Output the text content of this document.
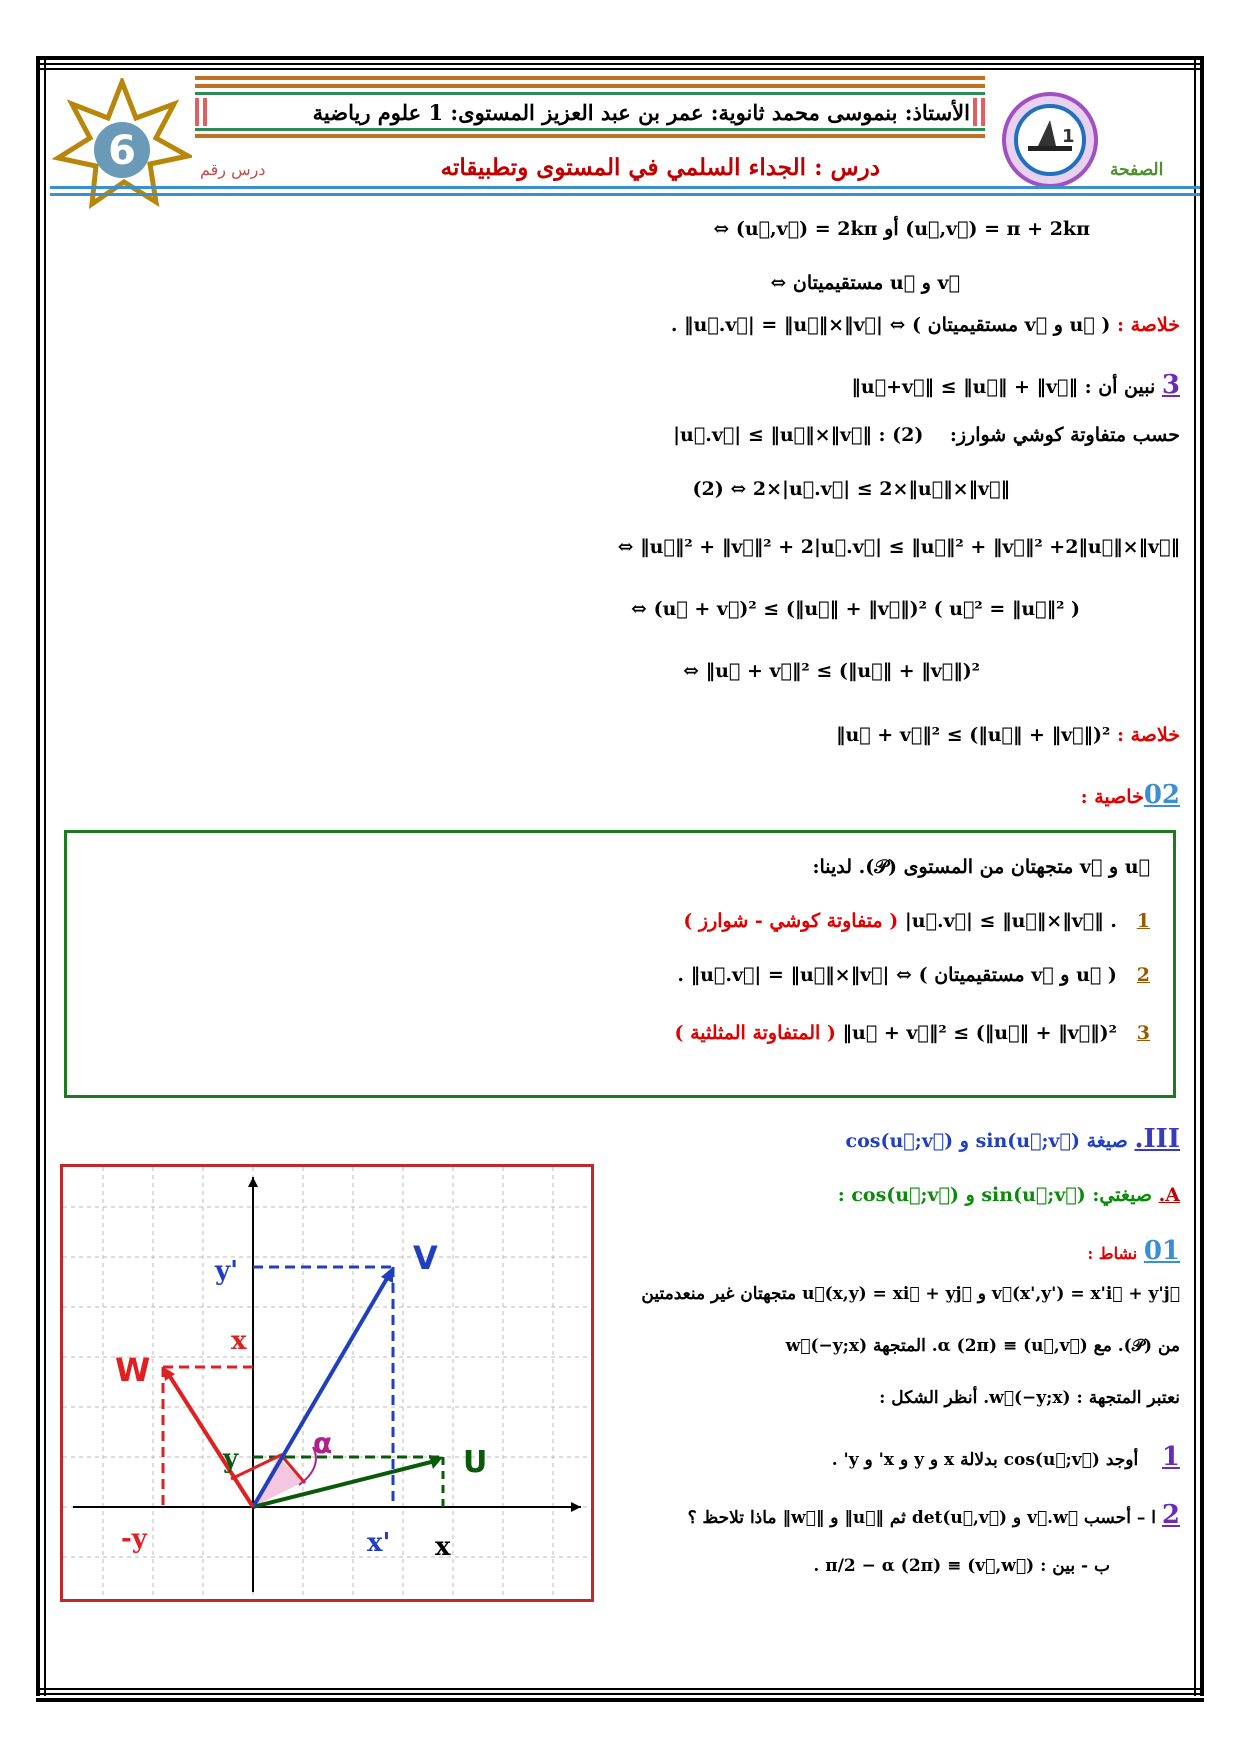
6	1
الأستاذ: بنموسى محمد ثانوية: عمر بن عبد العزيز المستوى: 1 علوم رياضية
درس رقم	درس : الجداء السلمي في المستوى وتطبيقاته	الصفحة
⇔ (u⃗,v⃗) = 2kπ أو (u⃗,v⃗) = π + 2kπ
u⃗ و v⃗ مستقيميتان ⇔
خلاصة : ( u⃗ و v⃗ مستقيميتان ) ⇔ |u⃗.v⃗| = ‖u⃗‖×‖v⃗‖ .
3 نبين أن : ‖u⃗+v⃗‖ ≤ ‖u⃗‖ + ‖v⃗‖
حسب متفاوتة كوشي شوارز:    |u⃗.v⃗| ≤ ‖u⃗‖×‖v⃗‖ : (2)
(2) ⇔ 2×|u⃗.v⃗| ≤ 2×‖u⃗‖×‖v⃗‖
⇔ ‖u⃗‖² + ‖v⃗‖² + 2|u⃗.v⃗| ≤ ‖u⃗‖² + ‖v⃗‖² +2‖u⃗‖×‖v⃗‖
⇔ (u⃗ + v⃗)² ≤ (‖u⃗‖ + ‖v⃗‖)² ( u⃗² = ‖u⃗‖² )
⇔ ‖u⃗ + v⃗‖² ≤ (‖u⃗‖ + ‖v⃗‖)²
خلاصة : ‖u⃗ + v⃗‖² ≤ (‖u⃗‖ + ‖v⃗‖)²
02خاصية :
u⃗ و v⃗ متجهتان من المستوى (𝒫). لدينا:
1   |u⃗.v⃗| ≤ ‖u⃗‖×‖v⃗‖ . ( متفاوتة كوشي - شوارز )
2   ( u⃗ و v⃗ مستقيميتان ) ⇔ |u⃗.v⃗| = ‖u⃗‖×‖v⃗‖ .
3   ‖u⃗ + v⃗‖² ≤ (‖u⃗‖ + ‖v⃗‖)² ( المتفاوتة المثلثية )
III. صيغة cos(u⃗;v⃗) و sin(u⃗;v⃗)
A. صيغتي: : cos(u⃗;v⃗) و sin(u⃗;v⃗)
01 نشاط :
v⃗(x',y') = x'i⃗ + y'j⃗ و u⃗(x,y) = xi⃗ + yj⃗ متجهتان غير منعدمتين
من (𝒫). مع (u⃗,v⃗) ≡ α (2π). المتجهة w⃗(−y;x)
نعتبر المتجهة : w⃗(−y;x). أنظر الشكل :
1    أوجد cos(u⃗;v⃗) بدلالة x و y و x' و y' .
2 ا – أحسب v⃗.w⃗ و det(u⃗,v⃗) ثم ‖u⃗‖ و ‖w⃗‖ ماذا تلاحظ ؟
ب - بين : (v⃗,w⃗) ≡ π/2 − α (2π) .
U
V
W
α
y
y'
x
-y	x' x
